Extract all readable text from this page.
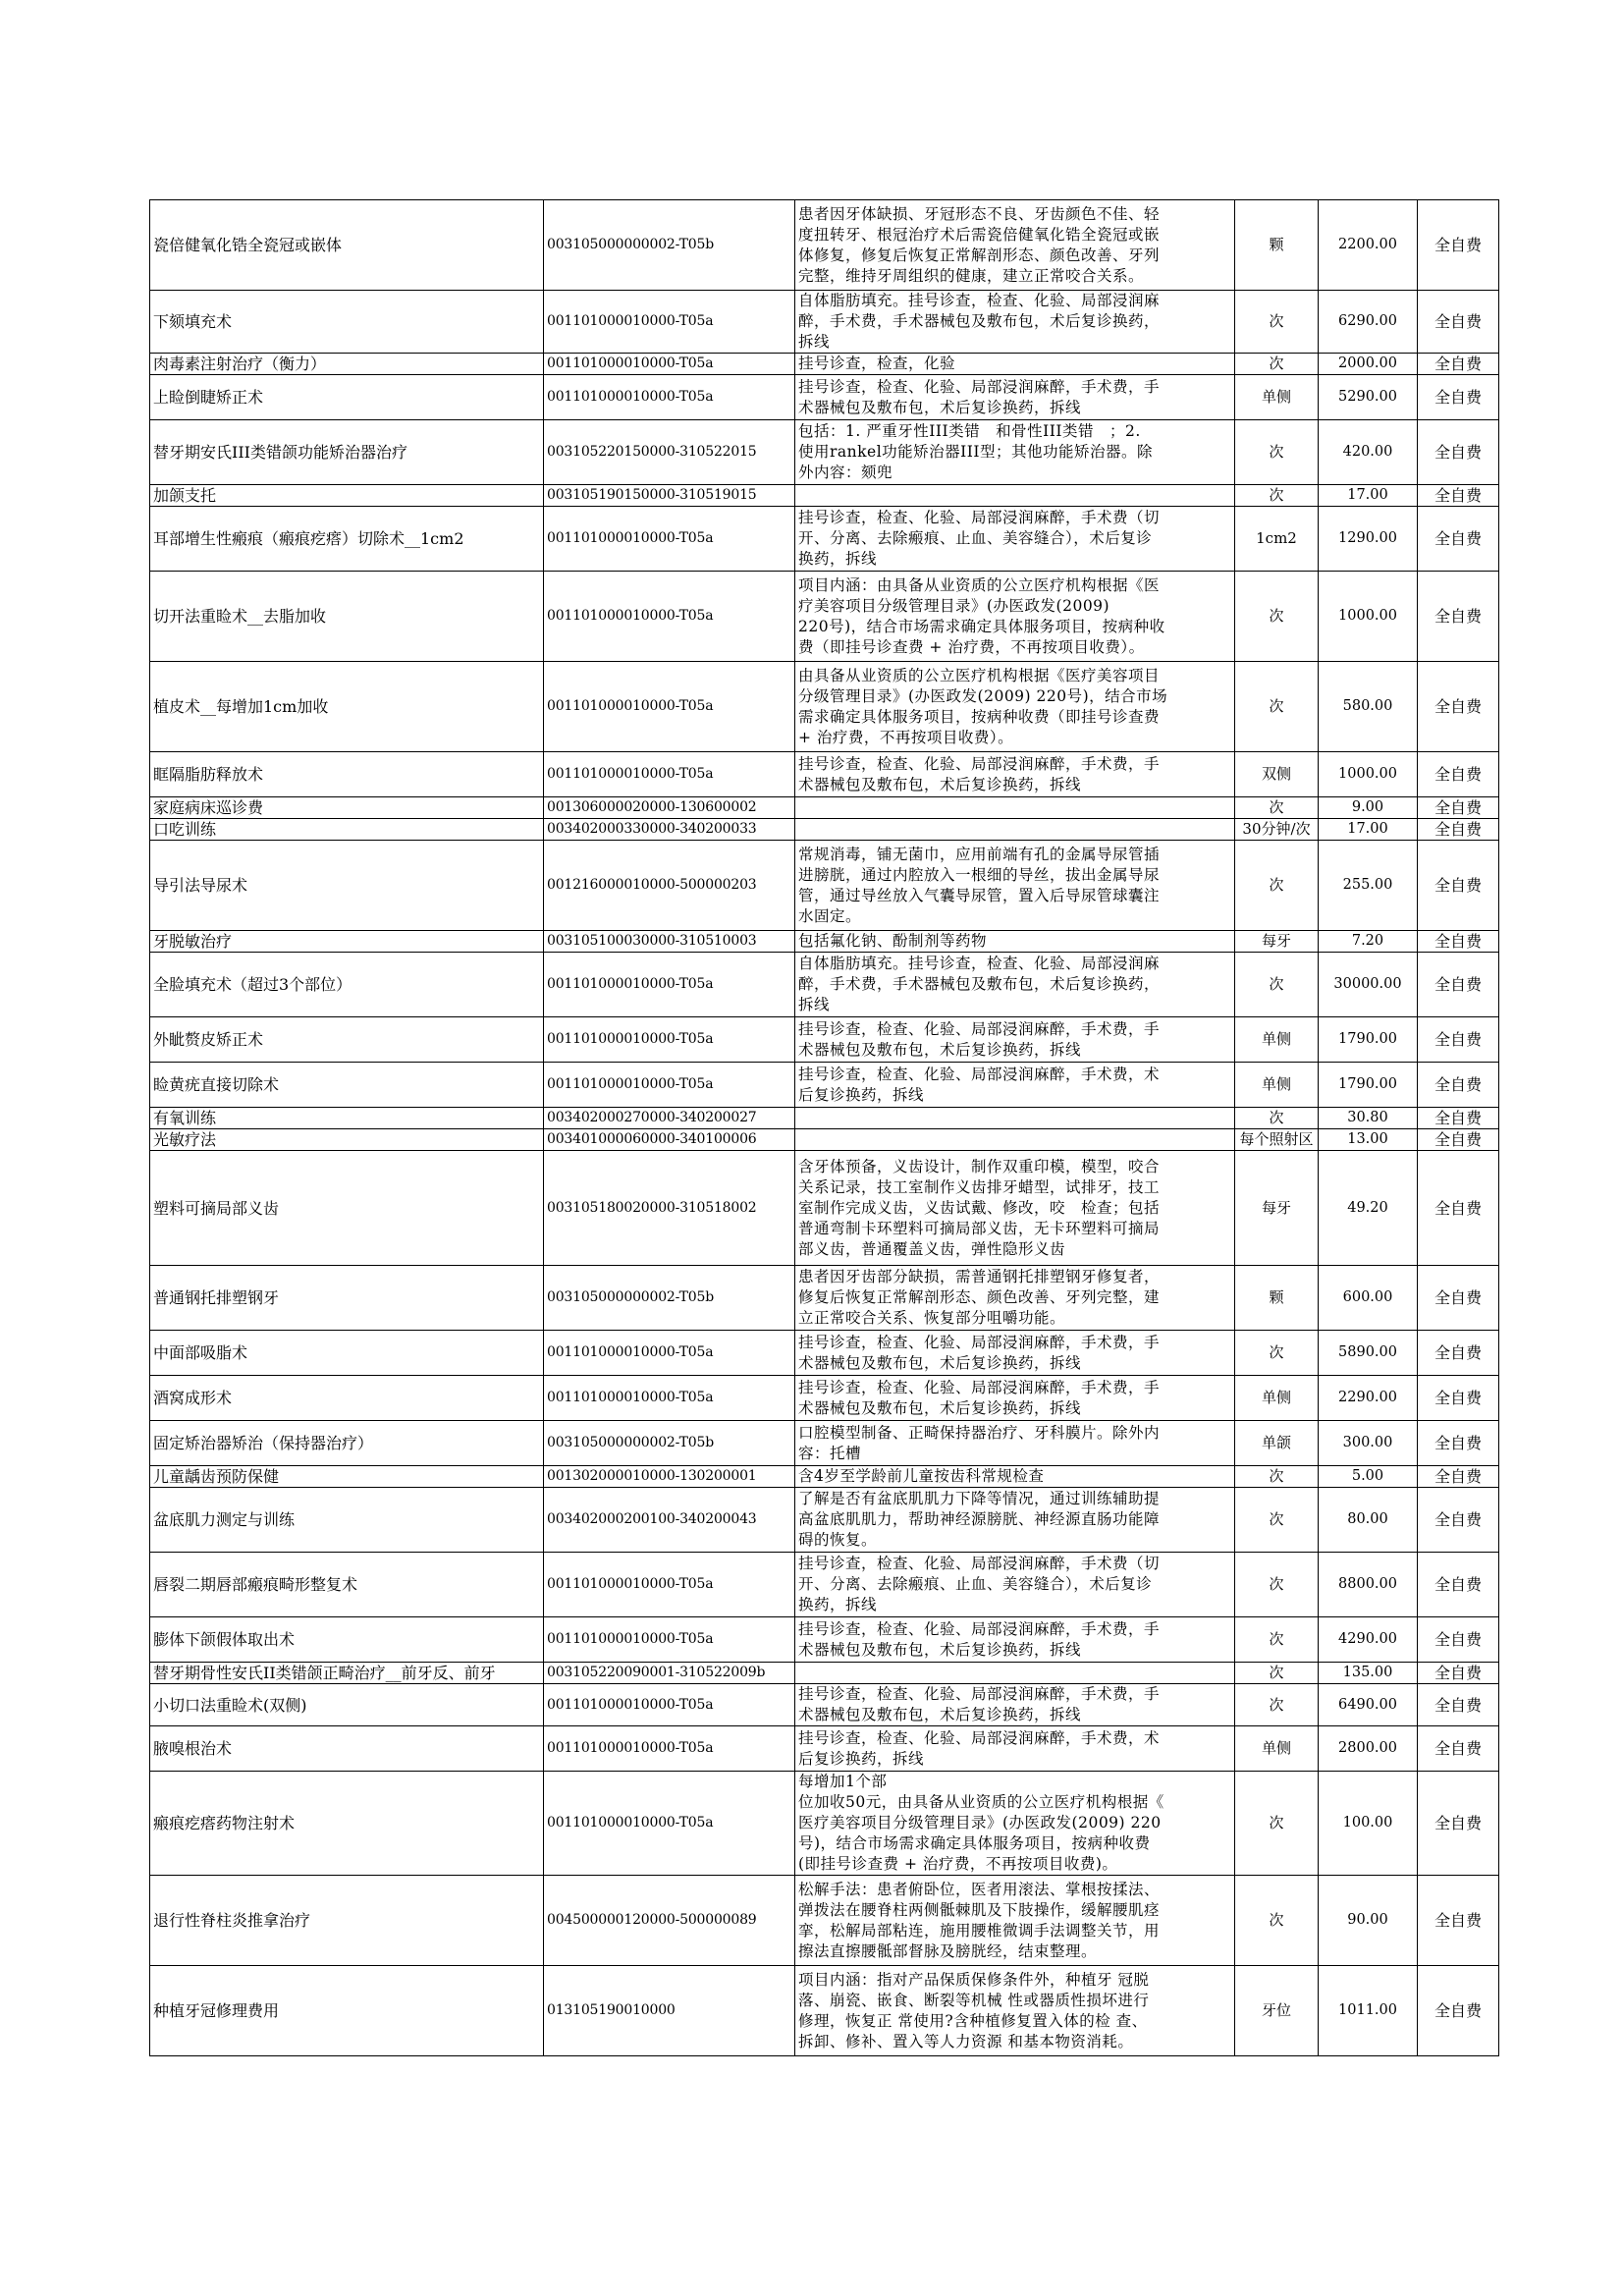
瓷倍健氧化锆全瓷冠或嵌体	003105000000002-T05b	患者因牙体缺损、牙冠形态不良、牙齿颜色不佳、轻
度扭转牙、根冠治疗术后需瓷倍健氧化锆全瓷冠或嵌
体修复，修复后恢复正常解剖形态、颜色改善、牙列
完整，维持牙周组织的健康，建立正常咬合关系。	颗	2200.00	全自费
下颏填充术	001101000010000-T05a	自体脂肪填充。挂号诊查，检查、化验、局部浸润麻
醉，手术费，手术器械包及敷布包，术后复诊换药，
拆线	次	6290.00	全自费
肉毒素注射治疗（衡力）	001101000010000-T05a	挂号诊查，检查，化验	次	2000.00	全自费
上睑倒睫矫正术	001101000010000-T05a	挂号诊查，检查、化验、局部浸润麻醉，手术费，手
术器械包及敷布包，术后复诊换药，拆线	单侧	5290.00	全自费
替牙期安氏III类错颌功能矫治器治疗	003105220150000-310522015	包括：1. 严重牙性III类错　和骨性III类错　；2.
使用rankel功能矫治器III型；其他功能矫治器。除
外内容：颏兜	次	420.00	全自费
加颌支托	003105190150000-310519015		次	17.00	全自费
耳部增生性瘢痕（瘢痕疙瘩）切除术__1cm2	001101000010000-T05a	挂号诊查，检查、化验、局部浸润麻醉，手术费（切
开、分离、去除瘢痕、止血、美容缝合），术后复诊
换药，拆线	1cm2	1290.00	全自费
切开法重睑术__去脂加收	001101000010000-T05a	项目内涵：由具备从业资质的公立医疗机构根据《医
疗美容项目分级管理目录》(办医政发(2009)
220号)，结合市场需求确定具体服务项目，按病种收
费（即挂号诊查费 + 治疗费，不再按项目收费）。	次	1000.00	全自费
植皮术__每增加1cm加收	001101000010000-T05a	由具备从业资质的公立医疗机构根据《医疗美容项目
分级管理目录》(办医政发(2009) 220号)，结合市场
需求确定具体服务项目，按病种收费（即挂号诊查费
+ 治疗费，不再按项目收费）。	次	580.00	全自费
眶隔脂肪释放术	001101000010000-T05a	挂号诊查，检查、化验、局部浸润麻醉，手术费，手
术器械包及敷布包，术后复诊换药，拆线	双侧	1000.00	全自费
家庭病床巡诊费	001306000020000-130600002		次	9.00	全自费
口吃训练	003402000330000-340200033		30分钟/次	17.00	全自费
导引法导尿术	001216000010000-500000203	常规消毒，铺无菌巾，应用前端有孔的金属导尿管插
进膀胱，通过内腔放入一根细的导丝，拔出金属导尿
管，通过导丝放入气囊导尿管，置入后导尿管球囊注
水固定。	次	255.00	全自费
牙脱敏治疗	003105100030000-310510003	包括氟化钠、酚制剂等药物	每牙	7.20	全自费
全脸填充术（超过3个部位）	001101000010000-T05a	自体脂肪填充。挂号诊查，检查、化验、局部浸润麻
醉，手术费，手术器械包及敷布包，术后复诊换药，
拆线	次	30000.00	全自费
外眦赘皮矫正术	001101000010000-T05a	挂号诊查，检查、化验、局部浸润麻醉，手术费，手
术器械包及敷布包，术后复诊换药，拆线	单侧	1790.00	全自费
睑黄疣直接切除术	001101000010000-T05a	挂号诊查，检查、化验、局部浸润麻醉，手术费，术
后复诊换药，拆线	单侧	1790.00	全自费
有氧训练	003402000270000-340200027		次	30.80	全自费
光敏疗法	003401000060000-340100006		每个照射区	13.00	全自费
塑料可摘局部义齿	003105180020000-310518002	含牙体预备，义齿设计，制作双重印模，模型，咬合
关系记录，技工室制作义齿排牙蜡型，试排牙，技工
室制作完成义齿，义齿试戴、修改，咬　检查；包括
普通弯制卡环塑料可摘局部义齿，无卡环塑料可摘局
部义齿，普通覆盖义齿，弹性隐形义齿	每牙	49.20	全自费
普通钢托排塑钢牙	003105000000002-T05b	患者因牙齿部分缺损，需普通钢托排塑钢牙修复者，
修复后恢复正常解剖形态、颜色改善、牙列完整，建
立正常咬合关系、恢复部分咀嚼功能。	颗	600.00	全自费
中面部吸脂术	001101000010000-T05a	挂号诊查，检查、化验、局部浸润麻醉，手术费，手
术器械包及敷布包，术后复诊换药，拆线	次	5890.00	全自费
酒窝成形术	001101000010000-T05a	挂号诊查，检查、化验、局部浸润麻醉，手术费，手
术器械包及敷布包，术后复诊换药，拆线	单侧	2290.00	全自费
固定矫治器矫治（保持器治疗）	003105000000002-T05b	口腔模型制备、正畸保持器治疗、牙科膜片。除外内
容：托槽	单颌	300.00	全自费
儿童龋齿预防保健	001302000010000-130200001	含4岁至学龄前儿童按齿科常规检查	次	5.00	全自费
盆底肌力测定与训练	003402000200100-340200043	了解是否有盆底肌肌力下降等情况，通过训练辅助提
高盆底肌肌力，帮助神经源膀胱、神经源直肠功能障
碍的恢复。	次	80.00	全自费
唇裂二期唇部瘢痕畸形整复术	001101000010000-T05a	挂号诊查，检查、化验、局部浸润麻醉，手术费（切
开、分离、去除瘢痕、止血、美容缝合），术后复诊
换药，拆线	次	8800.00	全自费
膨体下颌假体取出术	001101000010000-T05a	挂号诊查，检查、化验、局部浸润麻醉，手术费，手
术器械包及敷布包，术后复诊换药，拆线	次	4290.00	全自费
替牙期骨性安氏II类错颌正畸治疗__前牙反、前牙	003105220090001-310522009b		次	135.00	全自费
小切口法重睑术(双侧)	001101000010000-T05a	挂号诊查，检查、化验、局部浸润麻醉，手术费，手
术器械包及敷布包，术后复诊换药，拆线	次	6490.00	全自费
腋嗅根治术	001101000010000-T05a	挂号诊查，检查、化验、局部浸润麻醉，手术费，术
后复诊换药，拆线	单侧	2800.00	全自费
瘢痕疙瘩药物注射术	001101000010000-T05a	每增加1个部
位加收50元，由具备从业资质的公立医疗机构根据《
医疗美容项目分级管理目录》(办医政发(2009) 220
号)，结合市场需求确定具体服务项目，按病种收费
(即挂号诊查费 + 治疗费，不再按项目收费)。	次	100.00	全自费
退行性脊柱炎推拿治疗	004500000120000-500000089	松解手法：患者俯卧位，医者用滚法、掌根按揉法、
弹拨法在腰脊柱两侧骶棘肌及下肢操作，缓解腰肌痉
挛，松解局部粘连，施用腰椎微调手法调整关节，用
擦法直擦腰骶部督脉及膀胱经，结束整理。	次	90.00	全自费
种植牙冠修理费用	013105190010000	项目内涵：指对产品保质保修条件外，种植牙 冠脱
落、崩瓷、嵌食、断裂等机械 性或器质性损坏进行
修理，恢复正 常使用?含种植修复置入体的检 查、
拆卸、修补、置入等人力资源 和基本物资消耗。	牙位	1011.00	全自费
